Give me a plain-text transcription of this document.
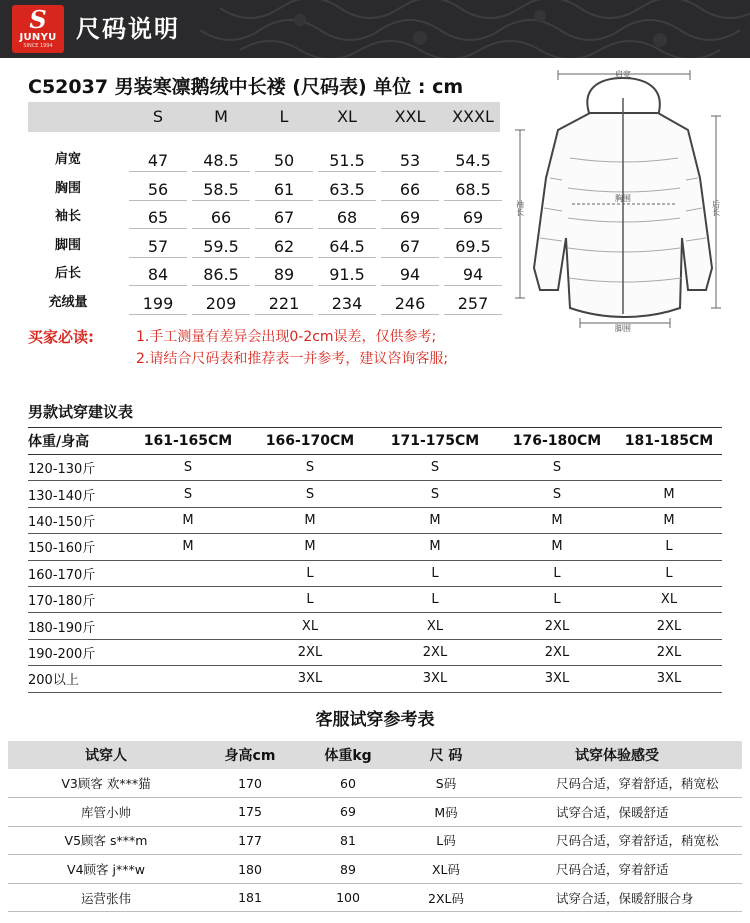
S
JUNYU
SINCE 1994
尺码说明
C52037 男装寒凛鹅绒中长褛 (尺码表) 单位 : cm
S	M	L	XL	XXL	XXXL
肩宽	47	48.5	50	51.5	53	54.5
胸围	56	58.5	61	63.5	66	68.5
袖长	65	66	67	68	69	69
脚围	57	59.5	62	64.5	67	69.5
后长	84	86.5	89	91.5	94	94
充绒量	199	209	221	234	246	257
肩宽
胸围
脚围
袖长	后长
买家必读:	1.手工测量有差异会出现0-2cm误差，仅供参考;
2.请结合尺码表和推荐表一并参考，建议咨询客服;
男款试穿建议表
体重/身高	161-165CM	166-170CM	171-175CM	176-180CM	181-185CM
120-130斤	S	S	S	S	
130-140斤	S	S	S	S	M
140-150斤	M	M	M	M	M
150-160斤	M	M	M	M	L
160-170斤		L	L	L	L
170-180斤		L	L	L	XL
180-190斤		XL	XL	2XL	2XL
190-200斤		2XL	2XL	2XL	2XL
200以上		3XL	3XL	3XL	3XL
客服试穿参考表
试穿人	身高cm	体重kg	尺 码	试穿体验感受
V3顾客 欢***猫	170	60	S码	尺码合适，穿着舒适，稍宽松
库管小帅	175	69	M码	试穿合适，保暖舒适
V5顾客 s***m	177	81	L码	尺码合适，穿着舒适，稍宽松
V4顾客 j***w	180	89	XL码	尺码合适，穿着舒适
运营张伟	181	100	2XL码	试穿合适，保暖舒服合身
